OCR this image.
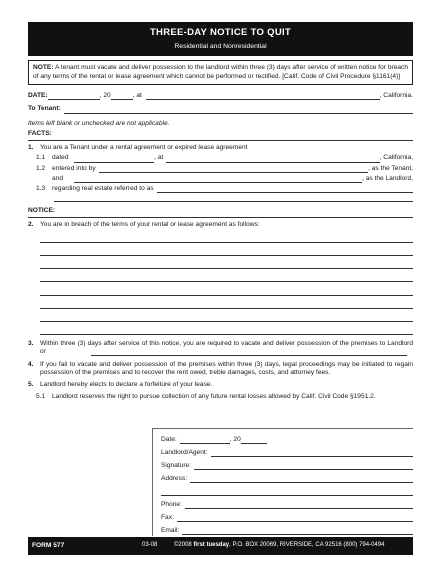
THREE-DAY NOTICE TO QUIT
Residential and Nonresidential
NOTE: A tenant must vacate and deliver possession to the landlord within three (3) days after service of written notice for breach of any terms of the rental or lease agreement which cannot be performed or rectified. [Calif. Code of Civil Procedure §1161(4)]
DATE:	, 20	, at	, California.
To Tenant:
Items left blank or unchecked are not applicable.
FACTS:
1. You are a Tenant under a rental agreement or expired lease agreement
1.1	dated	, at	, California,
1.2	entered into by	, as the Tenant,
and	, as the Landlord,
1.3	regarding real estate referred to as
NOTICE:
2. You are in breach of the terms of your rental or lease agreement as follows:
3. Within three (3) days after service of this notice, you are required to vacate and deliver possession of the premises to Landlord or
4. If you fail to vacate and deliver possession of the premises within three (3) days, legal proceedings may be initiated to regain possession of the premises and to recover the rent owed, treble damages, costs, and attorney fees.
5. Landlord hereby elects to declare a forfeiture of your lease.
5.1	Landlord reserves the right to pursue collection of any future rental losses allowed by Calif. Civil Code §1951.2.
Date:	, 20
Landlord/Agent:
Signature:
Address:
Phone:
Fax:
Email:
FORM 577	03-08	©2008 first tuesday, P.O. BOX 20069, RIVERSIDE, CA 92516 (800) 794-0494
